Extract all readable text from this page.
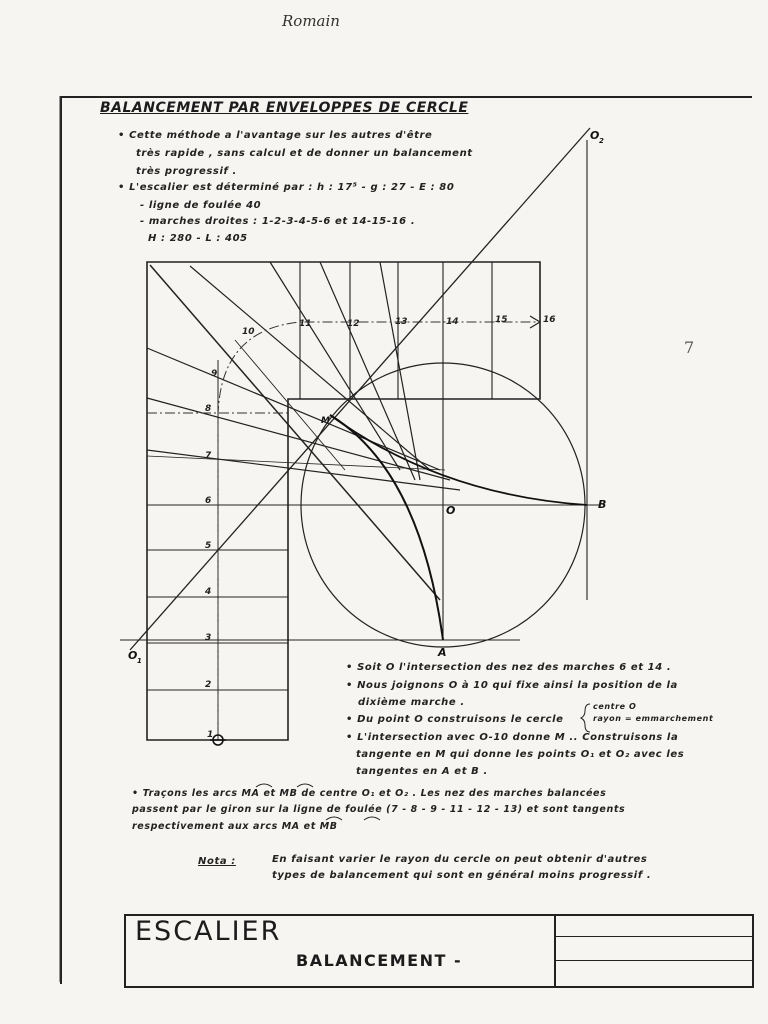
Romain
BALANCEMENT PAR ENVELOPPES DE CERCLE
• Cette méthode a l'avantage sur les autres d'être
très rapide , sans calcul et de donner un balancement
très progressif .
• L'escalier est déterminé par : h : 17⁵ - g : 27 - E : 80
- ligne de foulée 40
- marches droites : 1-2-3-4-5-6 et 14-15-16 .
H : 280 - L : 405
1
2
3
4
5
6
7
8
9
10
11	12	13	14	15	16
O
A
B
M
O 1
O 2
7
• Soit O l'intersection des nez des marches 6 et 14 .
• Nous joignons O à 10 qui fixe ainsi la position de la
dixième marche .
• Du point O construisons le cercle
centre O
rayon = emmarchement
• L'intersection avec O-10 donne M .. Construisons la
tangente en M qui donne les points O₁ et O₂ avec les
tangentes en A et B .
• Traçons les arcs MA et MB de centre O₁ et O₂ . Les nez des marches balancées
passent par le giron sur la ligne de foulée (7 - 8 - 9 - 11 - 12 - 13) et sont tangents
respectivement aux arcs MA et MB
Nota :	En faisant varier le rayon du cercle on peut obtenir d'autres
types de balancement qui sont en général moins progressif .
ESCALIER
BALANCEMENT -
